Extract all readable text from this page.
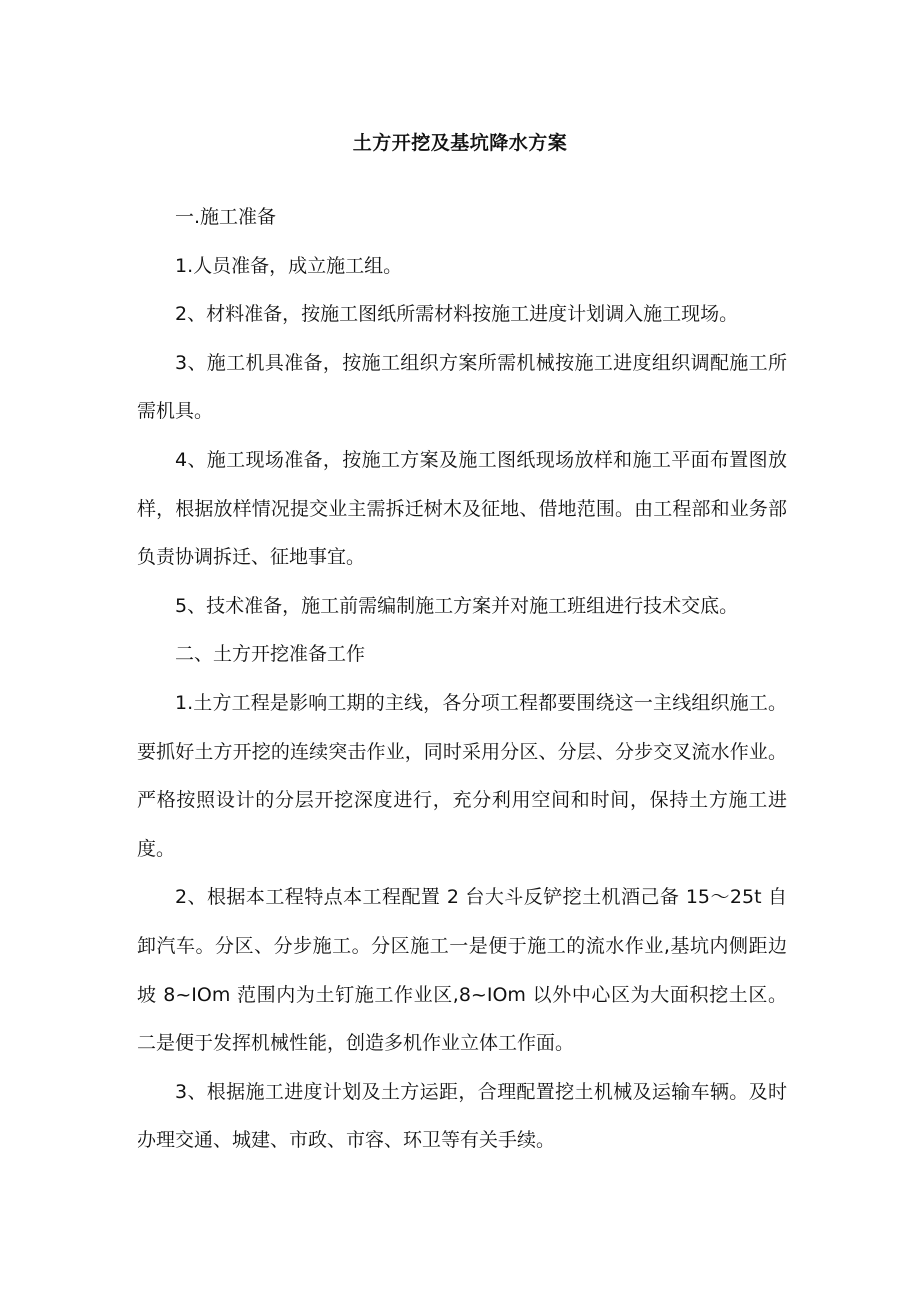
土方开挖及基坑降水方案

一.施工准备

1.人员准备，成立施工组。

2、材料准备，按施工图纸所需材料按施工进度计划调入施工现场。

3、施工机具准备，按施工组织方案所需机械按施工进度组织调配施工所需机具。

4、施工现场准备，按施工方案及施工图纸现场放样和施工平面布置图放样，根据放样情况提交业主需拆迁树木及征地、借地范围。由工程部和业务部负责协调拆迁、征地事宜。

5、技术准备，施工前需编制施工方案并对施工班组进行技术交底。

二、土方开挖准备工作

1.土方工程是影响工期的主线，各分项工程都要围绕这一主线组织施工。要抓好土方开挖的连续突击作业，同时采用分区、分层、分步交叉流水作业。严格按照设计的分层开挖深度进行，充分利用空间和时间，保持土方施工进度。

2、根据本工程特点本工程配置 2 台大斗反铲挖土机酒己备 15～25t 自卸汽车。分区、分步施工。分区施工一是便于施工的流水作业,基坑内侧距边坡 8~IOm 范围内为土钉施工作业区,8~IOm 以外中心区为大面积挖土区。二是便于发挥机械性能，创造多机作业立体工作面。

3、根据施工进度计划及土方运距，合理配置挖土机械及运输车辆。及时办理交通、城建、市政、市容、环卫等有关手续。
